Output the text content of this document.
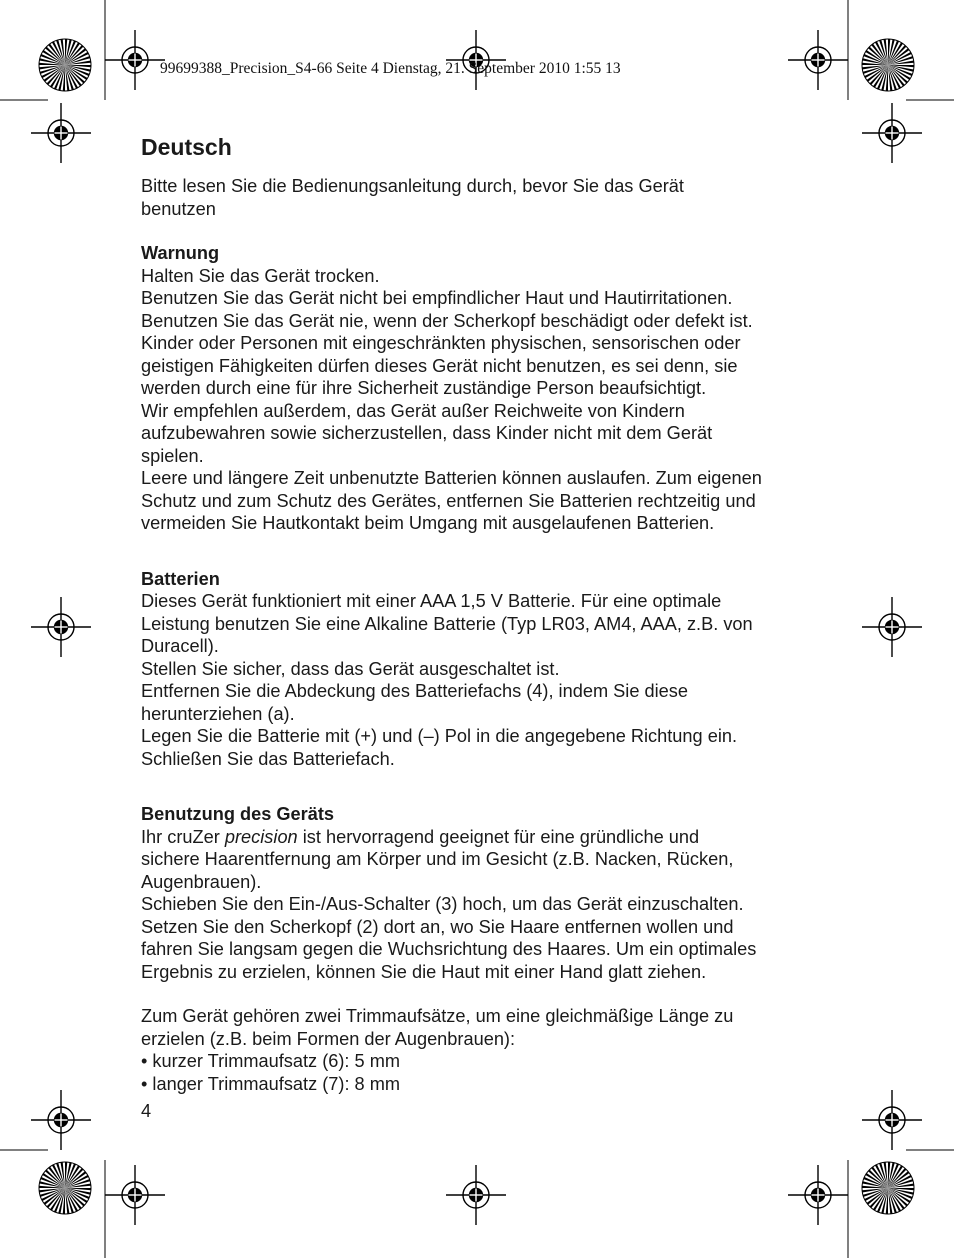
99699388_Precision_S4-66 Seite 4 Dienstag, 21. September 2010 1:55 13
Deutsch
Bitte lesen Sie die Bedienungsanleitung durch, bevor Sie das Gerät
benutzen
Warnung
Halten Sie das Gerät trocken.
Benutzen Sie das Gerät nicht bei empfindlicher Haut und Hautirritationen.
Benutzen Sie das Gerät nie, wenn der Scherkopf beschädigt oder defekt ist.
Kinder oder Personen mit eingeschränkten physischen, sensorischen oder
geistigen Fähigkeiten dürfen dieses Gerät nicht benutzen, es sei denn, sie
werden durch eine für ihre Sicherheit zuständige Person beaufsichtigt.
Wir empfehlen außerdem, das Gerät außer Reichweite von Kindern
aufzubewahren sowie sicherzustellen, dass Kinder nicht mit dem Gerät
spielen.
Leere und längere Zeit unbenutzte Batterien können auslaufen. Zum eigenen
Schutz und zum Schutz des Gerätes, entfernen Sie Batterien rechtzeitig und
vermeiden Sie Hautkontakt beim Umgang mit ausgelaufenen Batterien.
Batterien
Dieses Gerät funktioniert mit einer AAA 1,5 V Batterie. Für eine optimale
Leistung benutzen Sie eine Alkaline Batterie (Typ LR03, AM4, AAA, z.B. von
Duracell).
Stellen Sie sicher, dass das Gerät ausgeschaltet ist.
Entfernen Sie die Abdeckung des Batteriefachs (4), indem Sie diese
herunterziehen (a).
Legen Sie die Batterie mit (+) und (–) Pol in die angegebene Richtung ein.
Schließen Sie das Batteriefach.
Benutzung des Geräts
Ihr cruZer precision ist hervorragend geeignet für eine gründliche und
sichere Haarentfernung am Körper und im Gesicht (z.B. Nacken, Rücken,
Augenbrauen).
Schieben Sie den Ein-/Aus-Schalter (3) hoch, um das Gerät einzuschalten.
Setzen Sie den Scherkopf (2) dort an, wo Sie Haare entfernen wollen und
fahren Sie langsam gegen die Wuchsrichtung des Haares. Um ein optimales
Ergebnis zu erzielen, können Sie die Haut mit einer Hand glatt ziehen.
Zum Gerät gehören zwei Trimmaufsätze, um eine gleichmäßige Länge zu
erzielen (z.B. beim Formen der Augenbrauen):
• kurzer Trimmaufsatz (6): 5 mm
• langer Trimmaufsatz (7): 8 mm
4
